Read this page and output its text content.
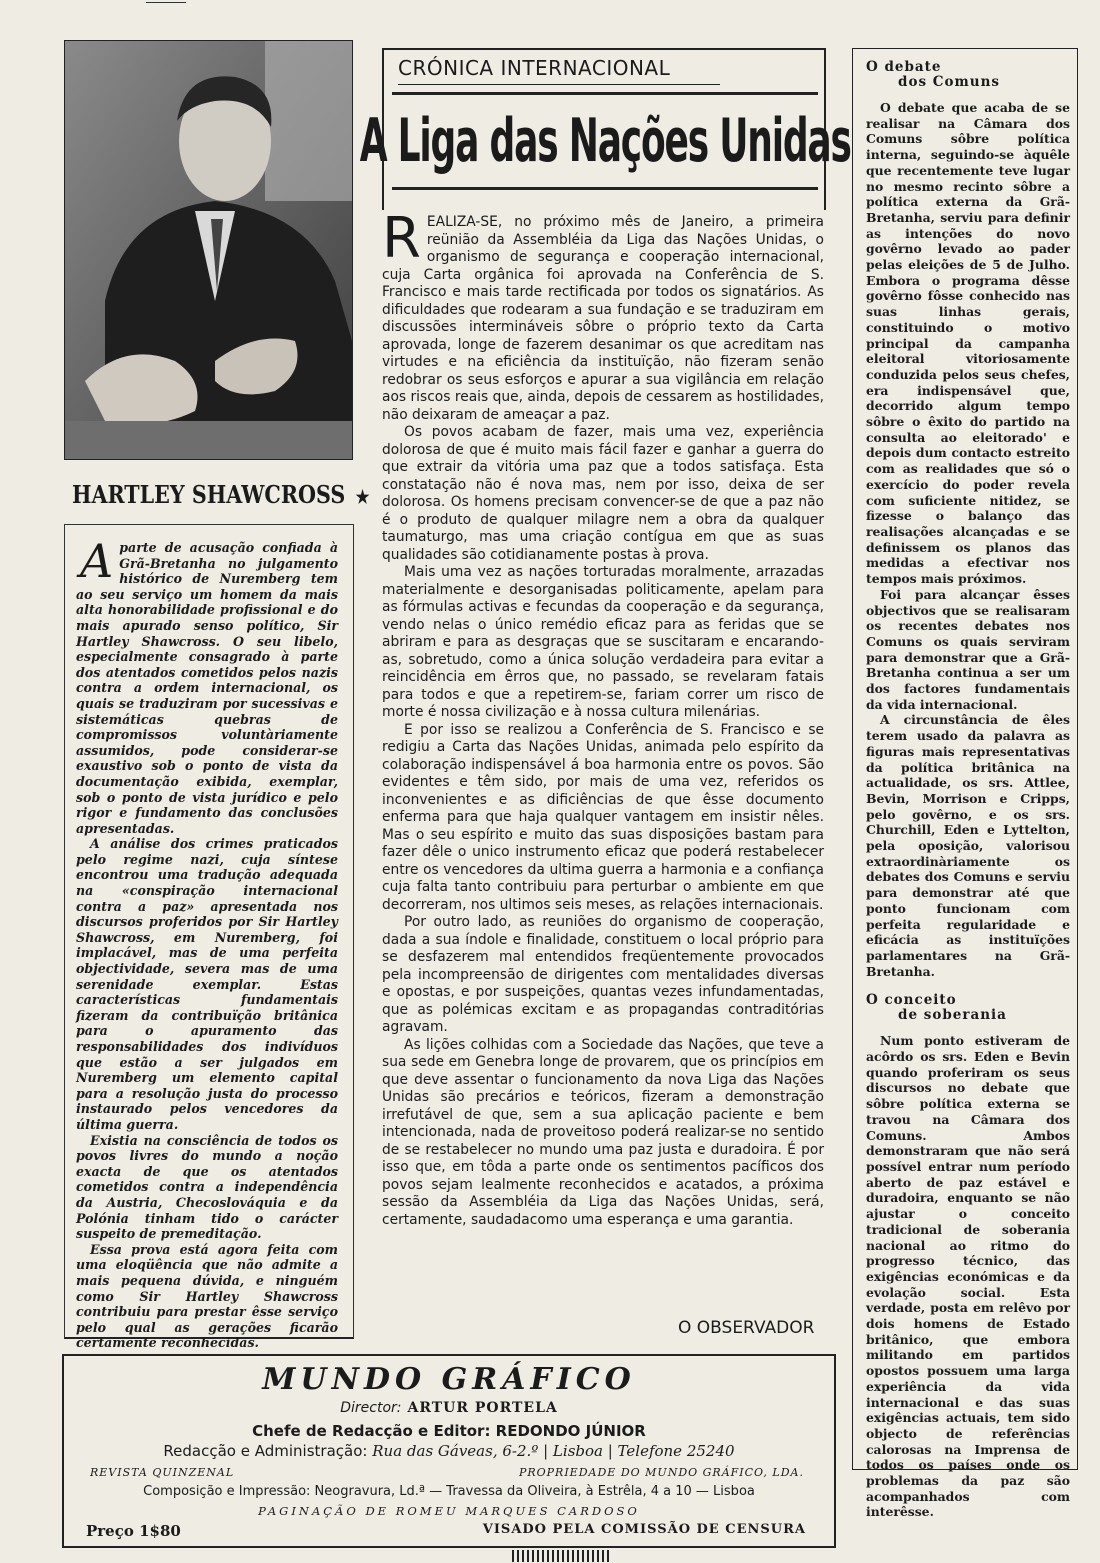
HARTLEY SHAWCROSS ★

Aparte de acusação confiada à Grã-Bretanha no julgamento histórico de Nuremberg tem ao seu serviço um homem da mais alta honorabilidade profissional e do mais apurado senso político, Sir Hartley Shawcross. O seu libelo, especialmente consagrado à parte dos atentados cometidos pelos nazis contra a ordem internacional, os quais se traduziram por sucessivas e sistemáticas quebras de compromissos voluntàriamente assumidos, pode considerar-se exaustivo sob o ponto de vista da documentação exibida, exemplar, sob o ponto de vista jurídico e pelo rigor e fundamento das conclusões apresentadas.

A análise dos crimes praticados pelo regime nazi, cuja síntese encontrou uma tradução adequada na «conspiração internacional contra a paz» apresentada nos discursos proferidos por Sir Hartley Shawcross, em Nuremberg, foi implacável, mas de uma perfeita objectividade, severa mas de uma serenidade exemplar. Estas características fundamentais fizeram da contribuïção britânica para o apuramento das responsabilidades dos indivíduos que estão a ser julgados em Nuremberg um elemento capital para a resolução justa do processo instaurado pelos vencedores da última guerra.

Existia na consciência de todos os povos livres do mundo a noção exacta de que os atentados cometidos contra a independência da Austria, Checoslováquia e da Polónia tinham tido o carácter suspeito de premeditação.

Essa prova está agora feita com uma eloqüência que não admite a mais pequena dúvida, e ninguém como Sir Hartley Shawcross contribuiu para prestar êsse serviço pelo qual as gerações ficarão certamente reconhecidas.

CRÓNICA INTERNACIONAL
A Liga das Nações Unidas

REALIZA-SE, no próximo mês de Janeiro, a primeira reünião da Assembléia da Liga das Nações Unidas, o organismo de segurança e cooperação internacional, cuja Carta orgânica foi aprovada na Conferência de S. Francisco e mais tarde rectificada por todos os signatários. As dificuldades que rodearam a sua fundação e se traduziram em discussões intermináveis sôbre o próprio texto da Carta aprovada, longe de fazerem desanimar os que acreditam nas virtudes e na eficiência da instituïção, não fizeram senão redobrar os seus esforços e apurar a sua vigilância em relação aos riscos reais que, ainda, depois de cessarem as hostilidades, não deixaram de ameaçar a paz.

Os povos acabam de fazer, mais uma vez, experiência dolorosa de que é muito mais fácil fazer e ganhar a guerra do que extrair da vitória uma paz que a todos satisfaça. Esta constatação não é nova mas, nem por isso, deixa de ser dolorosa. Os homens precisam convencer-se de que a paz não é o produto de qualquer milagre nem a obra da qualquer taumaturgo, mas uma criação contígua em que as suas qualidades são cotidianamente postas à prova.

Mais uma vez as nações torturadas moralmente, arrazadas materialmente e desorganisadas politicamente, apelam para as fórmulas activas e fecundas da cooperação e da segurança, vendo nelas o único remédio eficaz para as feridas que se abriram e para as desgraças que se suscitaram e encarando-as, sobretudo, como a única solução verdadeira para evitar a reincidência em êrros que, no passado, se revelaram fatais para todos e que a repetirem-se, fariam correr um risco de morte é nossa civilização e à nossa cultura milenárias.

E por isso se realizou a Conferência de S. Francisco e se redigiu a Carta das Nações Unidas, animada pelo espírito da colaboração indispensável á boa harmonia entre os povos. São evidentes e têm sido, por mais de uma vez, referidos os inconvenientes e as dificiências de que êsse documento enferma para que haja qualquer vantagem em insistir nêles. Mas o seu espírito e muito das suas disposições bastam para fazer dêle o unico instrumento eficaz que poderá restabelecer entre os vencedores da ultima guerra a harmonia e a confiança cuja falta tanto contribuiu para perturbar o ambiente em que decorreram, nos ultimos seis meses, as relações internacionais.

Por outro lado, as reuniões do organismo de cooperação, dada a sua índole e finalidade, constituem o local próprio para se desfazerem mal entendidos freqüentemente provocados pela incompreensão de dirigentes com mentalidades diversas e opostas, e por suspeições, quantas vezes infundamentadas, que as polémicas excitam e as propagandas contraditórias agravam.

As lições colhidas com a Sociedade das Nações, que teve a sua sede em Genebra longe de provarem, que os princípios em que deve assentar o funcionamento da nova Liga das Nações Unidas são precários e teóricos, fizeram a demonstração irrefutável de que, sem a sua aplicação paciente e bem intencionada, nada de proveitoso poderá realizar-se no sentido de se restabelecer no mundo uma paz justa e duradoira. É por isso que, em tôda a parte onde os sentimentos pacíficos dos povos sejam lealmente reconhecidos e acatados, a próxima sessão da Assembléia da Liga das Nações Unidas, será, certamente, saudadacomo uma esperança e uma garantia.

O OBSERVADOR

O debate

dos Comuns

O debate que acaba de se realisar na Câmara dos Comuns sôbre política interna, seguindo-se àquêle que recentemente teve lugar no mesmo recinto sôbre a política externa da Grã-Bretanha, serviu para definir as intenções do novo govêrno levado ao pader pelas eleições de 5 de Julho. Embora o programa dêsse govêrno fôsse conhecido nas suas linhas gerais, constituindo o motivo principal da campanha eleitoral vitoriosamente conduzida pelos seus chefes, era indispensável que, decorrido algum tempo sôbre o êxito do partido na consulta ao eleitorado' e depois dum contacto estreito com as realidades que só o exercício do poder revela com suficiente nitidez, se fizesse o balanço das realisações alcançadas e se definissem os planos das medidas a efectivar nos tempos mais próximos.

Foi para alcançar êsses objectivos que se realisaram os recentes debates nos Comuns os quais serviram para demonstrar que a Grã-Bretanha continua a ser um dos factores fundamentais da vida internacional.

A circunstância de êles terem usado da palavra as figuras mais representativas da política britânica na actualidade, os srs. Attlee, Bevin, Morrison e Cripps, pelo govêrno, e os srs. Churchill, Eden e Lyttelton, pela oposição, valorisou extraordinàriamente os debates dos Comuns e serviu para demonstrar até que ponto funcionam com perfeita regularidade e eficácia as instituïções parlamentares na Grã-Bretanha.

O conceito

de soberania

Num ponto estiveram de acôrdo os srs. Eden e Bevin quando proferiram os seus discursos no debate que sôbre política externa se travou na Câmara dos Comuns. Ambos demonstraram que não será possível entrar num período aberto de paz estável e duradoira, enquanto se não ajustar o conceito tradicional de soberania nacional ao ritmo do progresso técnico, das exigências económicas e da evolação social. Esta verdade, posta em relêvo por dois homens de Estado britânico, que embora militando em partidos opostos possuem uma larga experiência da vida internacional e das suas exigências actuais, tem sido objecto de referências calorosas na Imprensa de todos os países onde os problemas da paz são acompanhados com interêsse.

MUNDO GRÁFICO
Director: ARTUR PORTELA
Chefe de Redacção e Editor: REDONDO JÚNIOR
Redacção e Administração: Rua das Gáveas, 6-2.º | Lisboa | Telefone 25240
REVISTA QUINZENAL	PROPRIEDADE DO MUNDO GRÁFICO, LDA.
Composição e Impressão: Neogravura, Ld.ª — Travessa da Oliveira, à Estrêla, 4 a 10 — Lisboa
PAGINAÇÃO DE ROMEU MARQUES CARDOSO
Preço 1$80	VISADO PELA COMISSÃO DE CENSURA
